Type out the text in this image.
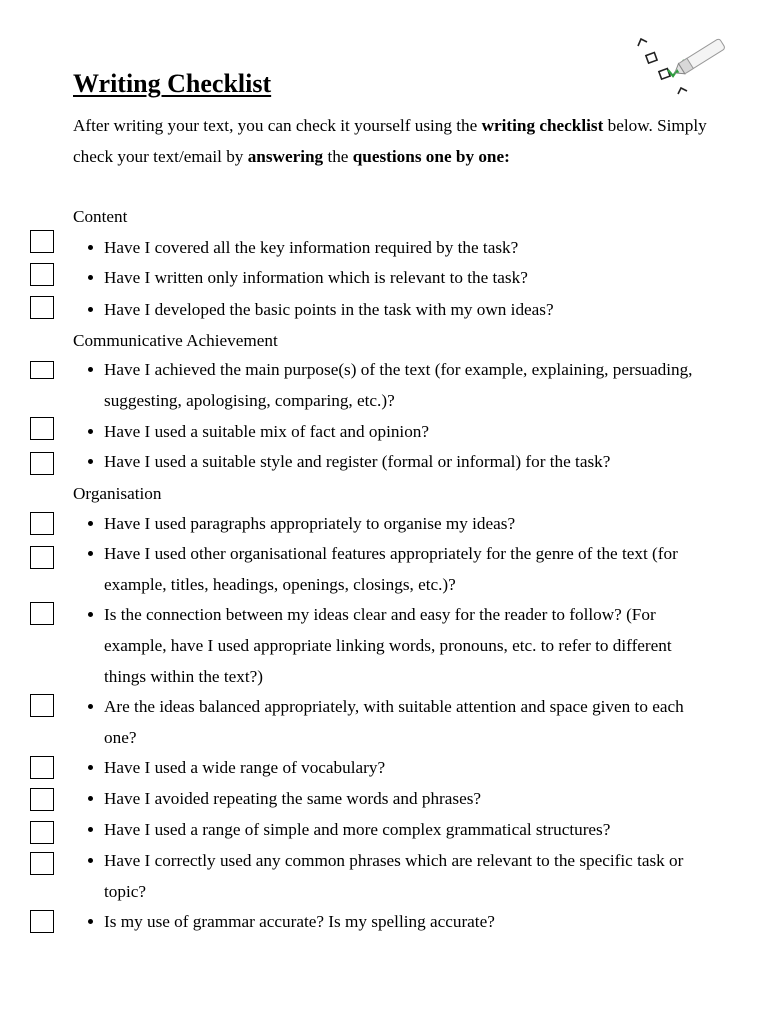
Writing Checklist

After writing your text, you can check it yourself using the writing checklist below. Simply check your text/email by answering the questions one by one:

Content

Have I covered all the key information required by the task?

Have I written only information which is relevant to the task?

Have I developed the basic points in the task with my own ideas?

Communicative Achievement

Have I achieved the main purpose(s) of the text (for example, explaining, persuading, suggesting, apologising, comparing, etc.)?

Have I used a suitable mix of fact and opinion?

Have I used a suitable style and register (formal or informal) for the task?

Organisation

Have I used paragraphs appropriately to organise my ideas?

Have I used other organisational features appropriately for the genre of the text (for example, titles, headings, openings, closings, etc.)?

Is the connection between my ideas clear and easy for the reader to follow? (For example, have I used appropriate linking words, pronouns, etc. to refer to different things within the text?)

Are the ideas balanced appropriately, with suitable attention and space given to each one?

Have I used a wide range of vocabulary?

Have I avoided repeating the same words and phrases?

Have I used a range of simple and more complex grammatical structures?

Have I correctly used any common phrases which are relevant to the specific task or topic?

Is my use of grammar accurate? Is my spelling accurate?
